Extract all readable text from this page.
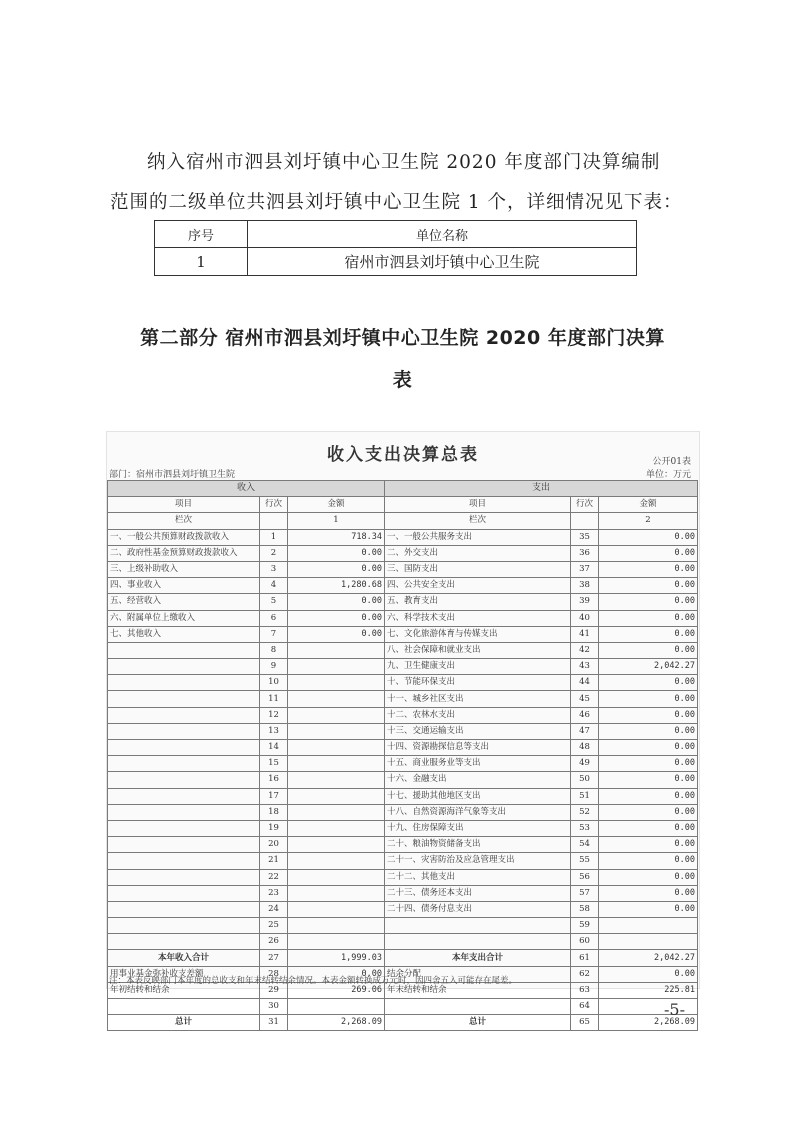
纳入宿州市泗县刘圩镇中心卫生院 2020 年度部门决算编制

范围的二级单位共泗县刘圩镇中心卫生院 1 个，详细情况见下表：
序号	单位名称
1	宿州市泗县刘圩镇中心卫生院
第二部分 宿州市泗县刘圩镇中心卫生院 2020 年度部门决算
表
收入支出决算总表	公开01表
部门：宿州市泗县刘圩镇卫生院	单位：万元
收入			支出		
项目	行次	金额	项目	行次	金额
栏次		1	栏次		2
一、一般公共预算财政拨款收入	1	718.34	一、一般公共服务支出	35	0.00
二、政府性基金预算财政拨款收入	2	0.00	二、外交支出	36	0.00
三、上级补助收入	3	0.00	三、国防支出	37	0.00
四、事业收入	4	1,280.68	四、公共安全支出	38	0.00
五、经营收入	5	0.00	五、教育支出	39	0.00
六、附属单位上缴收入	6	0.00	六、科学技术支出	40	0.00
七、其他收入	7	0.00	七、文化旅游体育与传媒支出	41	0.00
	8		八、社会保障和就业支出	42	0.00
	9		九、卫生健康支出	43	2,042.27
	10		十、节能环保支出	44	0.00
	11		十一、城乡社区支出	45	0.00
	12		十二、农林水支出	46	0.00
	13		十三、交通运输支出	47	0.00
	14		十四、资源勘探信息等支出	48	0.00
	15		十五、商业服务业等支出	49	0.00
	16		十六、金融支出	50	0.00
	17		十七、援助其他地区支出	51	0.00
	18		十八、自然资源海洋气象等支出	52	0.00
	19		十九、住房保障支出	53	0.00
	20		二十、粮油物资储备支出	54	0.00
	21		二十一、灾害防治及应急管理支出	55	0.00
	22		二十二、其他支出	56	0.00
	23		二十三、债务还本支出	57	0.00
	24		二十四、债务付息支出	58	0.00
	25			59	
	26			60	
本年收入合计	27	1,999.03	本年支出合计	61	2,042.27
用事业基金弥补收支差额	28	0.00	结余分配	62	0.00
年初结转和结余	29	269.06	年末结转和结余	63	225.81
	30			64	
总计	31	2,268.09	总计	65	2,268.09
注：本表反映部门本年度的总收支和年末结转结余情况。本表金额转换成万元时，因四舍五入可能存在尾差。
-5-
